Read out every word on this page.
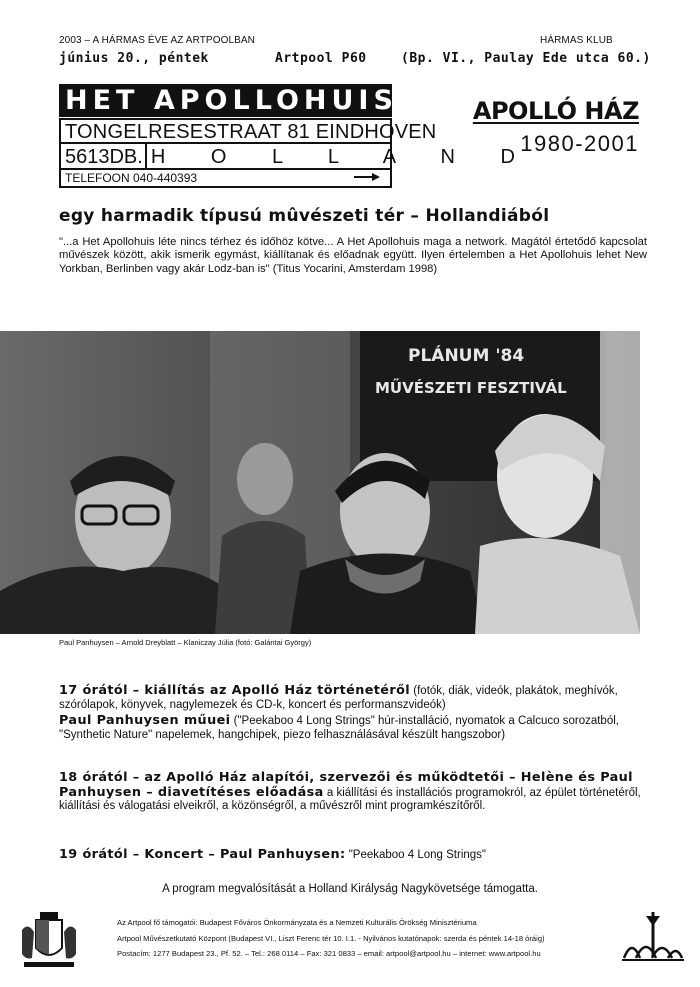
2003 – A HÁRMAS ÉVE AZ ARTPOOLBAN	HÁRMAS KLUB
június 20., péntek	Artpool P60	(Bp. VI., Paulay Ede utca 60.)
HET APOLLOHUIS
TONGELRESESTRAAT 81 EINDHOVEN
5613DB. H O L L A N D
TELEFOON 040-440393
APOLLÓ HÁZ
1980-2001
egy harmadik típusú mûvészeti tér – Hollandiából
"...a Het Apollohuis léte nincs térhez és időhöz kötve... A Het Apollohuis maga a network. Magától értetődő kapcsolat művészek között, akik ismerik egymást, kiállítanak és előadnak együtt. Ilyen értelemben a Het Apollohuis lehet New Yorkban, Berlinben vagy akár Lodz-ban is" (Titus Yocarini, Amsterdam 1998)
PLÁNUM '84
MŰVÉSZETI FESZTIVÁL
Paul Panhuysen – Arnold Dreyblatt – Klaniczay Júlia (fotó: Galántai György)
17 órától – kiállítás az Apolló Ház történetéről (fotók, diák, videók, plakátok, meghívók, szórólapok, könyvek, nagylemezek és CD-k, koncert és performanszvideók)
Paul Panhuysen műuei ("Peekaboo 4 Long Strings" húr-installáció, nyomatok a Calcuco sorozatból, "Synthetic Nature" napelemek, hangchipek, piezo felhasználásával készült hangszobor)
18 órától – az Apolló Ház alapítói, szervezői és működtetői – Helène és Paul Panhuysen – diavetítéses előadása a kiállítási és installációs programokról, az épület történetéről, kiállítási és válogatási elveikről, a közönségről, a művészről mint programkészítőről.
19 órától – Koncert – Paul Panhuysen: "Peekaboo 4 Long Strings"
A program megvalósítását a Holland Királyság Nagykövetsége támogatta.
Az Artpool fő támogatói: Budapest Főváros Önkormányzata és a Nemzeti Kulturális Örökség Minisztériuma
Artpool Művészetkutató Központ (Budapest VI., Liszt Ferenc tér 10. I.1. - Nyilvános kutatónapok: szerda és péntek 14-18 óráig)
Postacím: 1277 Budapest 23., Pf. 52. – Tel.: 268 0114 – Fax: 321 0833 – email: artpool@artpool.hu – internet: www.artpool.hu
